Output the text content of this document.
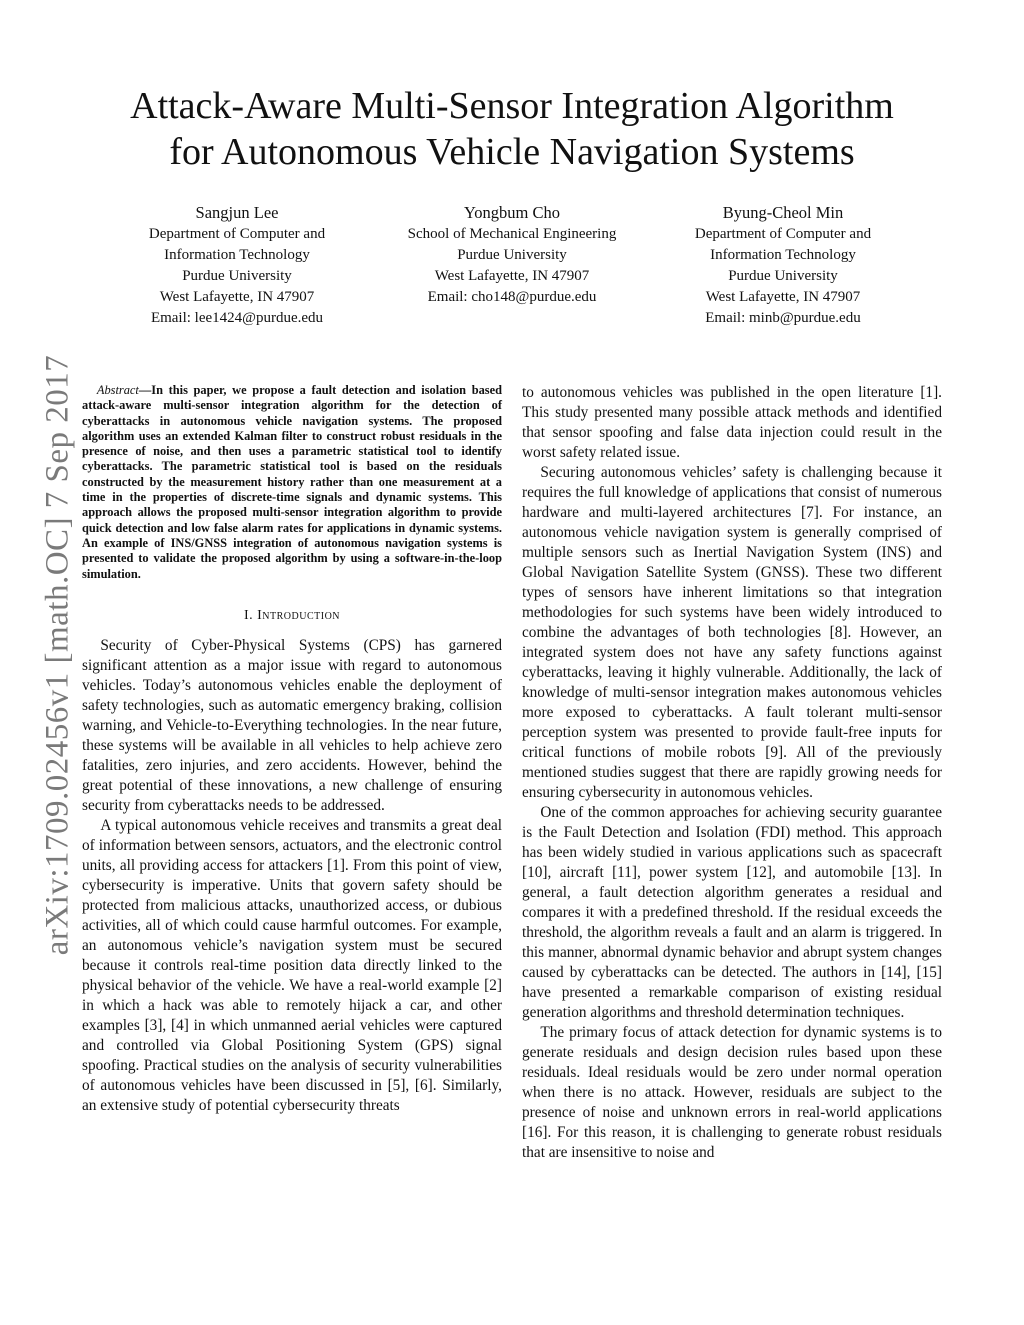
arXiv:1709.02456v1 [math.OC] 7 Sep 2017
Attack-Aware Multi-Sensor Integration Algorithm
for Autonomous Vehicle Navigation Systems
Sangjun Lee
Department of Computer and
Information Technology
Purdue University
West Lafayette, IN 47907
Email: lee1424@purdue.edu
Yongbum Cho
School of Mechanical Engineering
Purdue University
West Lafayette, IN 47907
Email: cho148@purdue.edu
Byung-Cheol Min
Department of Computer and
Information Technology
Purdue University
West Lafayette, IN 47907
Email: minb@purdue.edu

Abstract—In this paper, we propose a fault detection and isolation based attack-aware multi-sensor integration algorithm for the detection of cyberattacks in autonomous vehicle navigation systems. The proposed algorithm uses an extended Kalman filter to construct robust residuals in the presence of noise, and then uses a parametric statistical tool to identify cyberattacks. The parametric statistical tool is based on the residuals constructed by the measurement history rather than one measurement at a time in the properties of discrete-time signals and dynamic systems. This approach allows the proposed multi-sensor integration algorithm to provide quick detection and low false alarm rates for applications in dynamic systems. An example of INS/GNSS integration of autonomous navigation systems is presented to validate the proposed algorithm by using a software-in-the-loop simulation.

I. Introduction

Security of Cyber-Physical Systems (CPS) has garnered significant attention as a major issue with regard to autonomous vehicles. Today’s autonomous vehicles enable the deployment of safety technologies, such as automatic emergency braking, collision warning, and Vehicle-to-Everything technologies. In the near future, these systems will be available in all vehicles to help achieve zero fatalities, zero injuries, and zero accidents. However, behind the great potential of these innovations, a new challenge of ensuring security from cyberattacks needs to be addressed.

A typical autonomous vehicle receives and transmits a great deal of information between sensors, actuators, and the electronic control units, all providing access for attackers [1]. From this point of view, cybersecurity is imperative. Units that govern safety should be protected from malicious attacks, unauthorized access, or dubious activities, all of which could cause harmful outcomes. For example, an autonomous vehicle’s navigation system must be secured because it controls real-time position data directly linked to the physical behavior of the vehicle. We have a real-world example [2] in which a hack was able to remotely hijack a car, and other examples [3], [4] in which unmanned aerial vehicles were captured and controlled via Global Positioning System (GPS) signal spoofing. Practical studies on the analysis of security vulnerabilities of autonomous vehicles have been discussed in [5], [6]. Similarly, an extensive study of potential cybersecurity threats

to autonomous vehicles was published in the open literature [1]. This study presented many possible attack methods and identified that sensor spoofing and false data injection could result in the worst safety related issue.

Securing autonomous vehicles’ safety is challenging because it requires the full knowledge of applications that consist of numerous hardware and multi-layered architectures [7]. For instance, an autonomous vehicle navigation system is generally comprised of multiple sensors such as Inertial Navigation System (INS) and Global Navigation Satellite System (GNSS). These two different types of sensors have inherent limitations so that integration methodologies for such systems have been widely introduced to combine the advantages of both technologies [8]. However, an integrated system does not have any safety functions against cyberattacks, leaving it highly vulnerable. Additionally, the lack of knowledge of multi-sensor integration makes autonomous vehicles more exposed to cyberattacks. A fault tolerant multi-sensor perception system was presented to provide fault-free inputs for critical functions of mobile robots [9]. All of the previously mentioned studies suggest that there are rapidly growing needs for ensuring cybersecurity in autonomous vehicles.

One of the common approaches for achieving security guarantee is the Fault Detection and Isolation (FDI) method. This approach has been widely studied in various applications such as spacecraft [10], aircraft [11], power system [12], and automobile [13]. In general, a fault detection algorithm generates a residual and compares it with a predefined threshold. If the residual exceeds the threshold, the algorithm reveals a fault and an alarm is triggered. In this manner, abnormal dynamic behavior and abrupt system changes caused by cyberattacks can be detected. The authors in [14], [15] have presented a remarkable comparison of existing residual generation algorithms and threshold determination techniques.

The primary focus of attack detection for dynamic systems is to generate residuals and design decision rules based upon these residuals. Ideal residuals would be zero under normal operation when there is no attack. However, residuals are subject to the presence of noise and unknown errors in real-world applications [16]. For this reason, it is challenging to generate robust residuals that are insensitive to noise and
